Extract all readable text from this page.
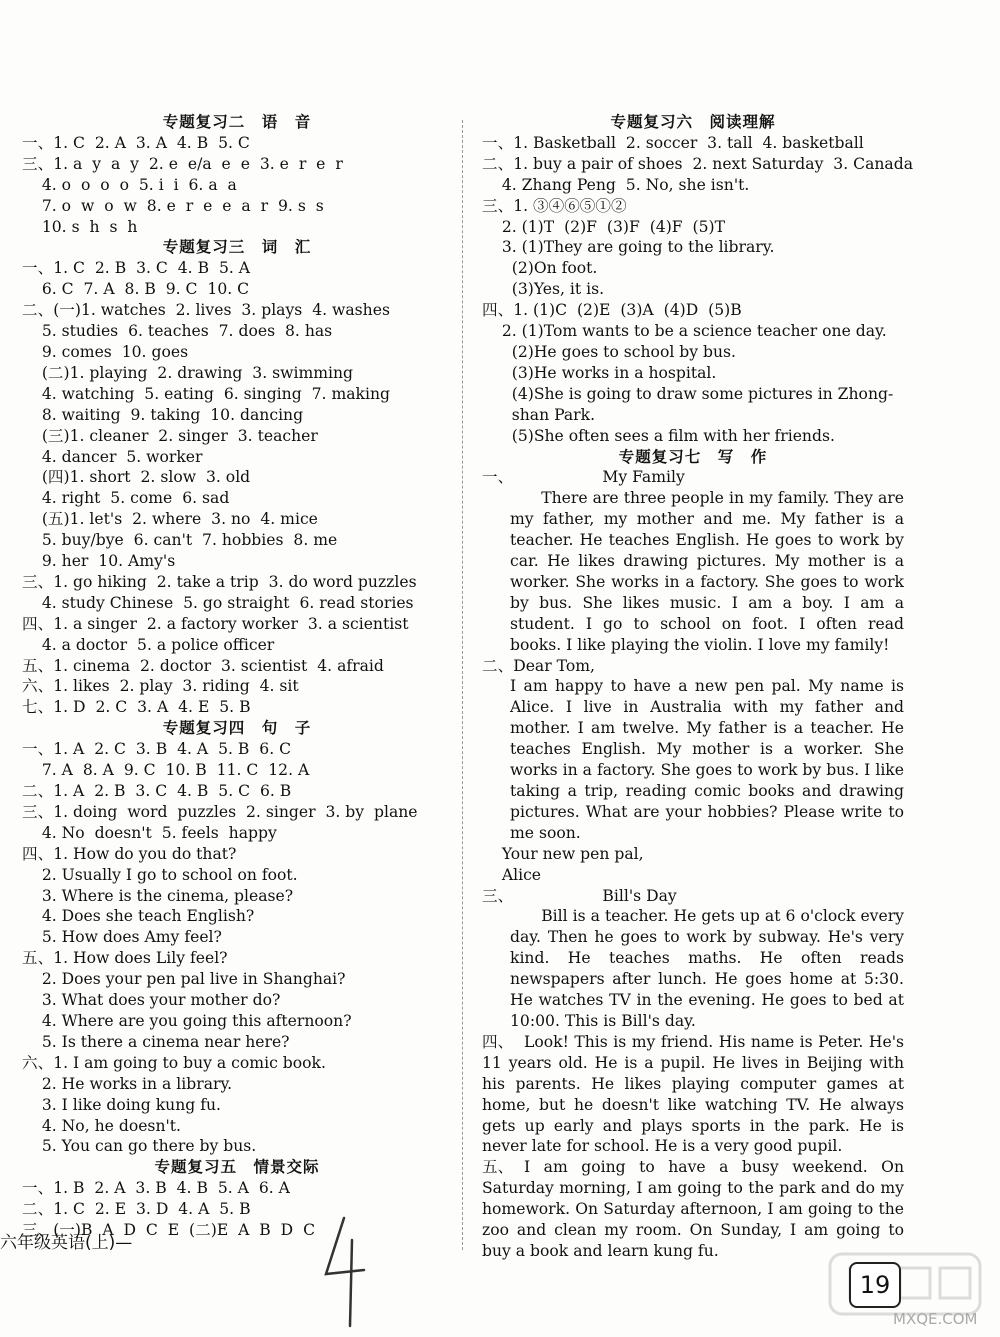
专题复习二　语　音
一、1. C  2. A  3. A  4. B  5. C
三、1. a  y  a  y  2. e  e/a  e  e  3. e  r  e  r
4. o  o  o  o  5. i  i  6. a  a
7. o  w  o  w  8. e  r  e  e  a  r  9. s  s
10. s  h  s  h
专题复习三　词　汇
一、1. C  2. B  3. C  4. B  5. A
6. C  7. A  8. B  9. C  10. C
二、(一)1. watches  2. lives  3. plays  4. washes
5. studies  6. teaches  7. does  8. has
9. comes  10. goes
(二)1. playing  2. drawing  3. swimming
4. watching  5. eating  6. singing  7. making
8. waiting  9. taking  10. dancing
(三)1. cleaner  2. singer  3. teacher
4. dancer  5. worker
(四)1. short  2. slow  3. old
4. right  5. come  6. sad
(五)1. let's  2. where  3. no  4. mice
5. buy/bye  6. can't  7. hobbies  8. me
9. her  10. Amy's
三、1. go hiking  2. take a trip  3. do word puzzles
4. study Chinese  5. go straight  6. read stories
四、1. a singer  2. a factory worker  3. a scientist
4. a doctor  5. a police officer
五、1. cinema  2. doctor  3. scientist  4. afraid
六、1. likes  2. play  3. riding  4. sit
七、1. D  2. C  3. A  4. E  5. B
专题复习四　句　子
一、1. A  2. C  3. B  4. A  5. B  6. C
7. A  8. A  9. C  10. B  11. C  12. A
二、1. A  2. B  3. C  4. B  5. C  6. B
三、1. doing  word  puzzles  2. singer  3. by  plane
4. No  doesn't  5. feels  happy
四、1. How do you do that?
2. Usually I go to school on foot.
3. Where is the cinema, please?
4. Does she teach English?
5. How does Amy feel?
五、1. How does Lily feel?
2. Does your pen pal live in Shanghai?
3. What does your mother do?
4. Where are you going this afternoon?
5. Is there a cinema near here?
六、1. I am going to buy a comic book.
2. He works in a library.
3. I like doing kung fu.
4. No, he doesn't.
5. You can go there by bus.
专题复习五　情景交际
一、1. B  2. A  3. B  4. B  5. A  6. A
二、1. C  2. E  3. D  4. A  5. B
三、(一)B  A  D  C  E  (二)E  A  B  D  C
专题复习六　阅读理解
一、1. Basketball  2. soccer  3. tall  4. basketball
二、1. buy a pair of shoes  2. next Saturday  3. Canada
4. Zhang Peng  5. No, she isn't.
三、1. ③④⑥⑤①②
2. (1)T  (2)F  (3)F  (4)F  (5)T
3. (1)They are going to the library.
(2)On foot.
(3)Yes, it is.
四、1. (1)C  (2)E  (3)A  (4)D  (5)B
2. (1)Tom wants to be a science teacher one day.
(2)He goes to school by bus.
(3)He works in a hospital.
(4)She is going to draw some pictures in Zhong-
shan Park.
(5)She often sees a film with her friends.
专题复习七　写　作
一、                  My Family
There are three people in my family. They are my father, my mother and me. My father is a teacher. He teaches English. He goes to work by car. He likes drawing pictures. My mother is a worker. She works in a factory. She goes to work by bus. She likes music. I am a boy. I am a student. I go to school on foot. I often read books. I like playing the violin. I love my family!
二、Dear Tom,
I am happy to have a new pen pal. My name is Alice. I live in Australia with my father and mother. I am twelve. My father is a teacher. He teaches English. My mother is a worker. She works in a factory. She goes to work by bus. I like taking a trip, reading comic books and drawing pictures. What are your hobbies? Please write to me soon.
Your new pen pal,
Alice
三、                  Bill's Day
Bill is a teacher. He gets up at 6 o'clock every day. Then he goes to work by subway. He's very kind. He teaches maths. He often reads newspapers after lunch. He goes home at 5:30. He watches TV in the evening. He goes to bed at 10:00. This is Bill's day.
四、 Look! This is my friend. His name is Peter. He's 11 years old. He is a pupil. He lives in Beijing with his parents. He likes playing computer games at home, but he doesn't like watching TV. He always gets up early and plays sports in the park. He is never late for school. He is a very good pupil.
五、 I am going to have a busy weekend. On Saturday morning, I am going to the park and do my homework. On Saturday afternoon, I am going to the zoo and clean my room. On Sunday, I am going to buy a book and learn kung fu.
六年级英语(上)—
19
MXQE.COM
